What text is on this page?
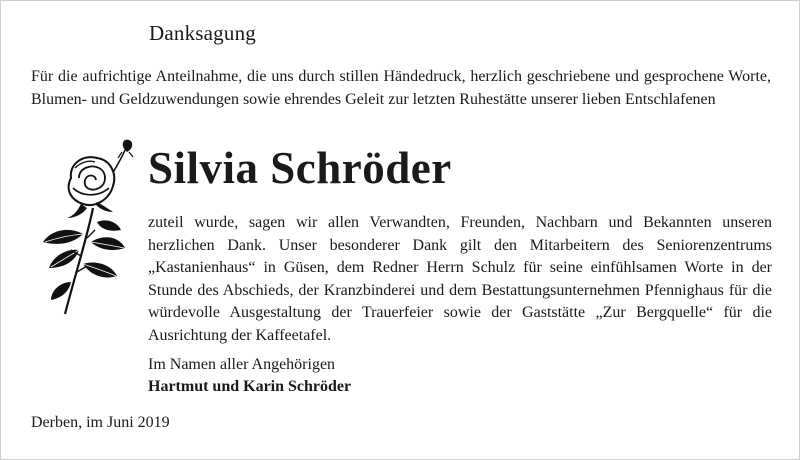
Danksagung
Für die aufrichtige Anteilnahme, die uns durch stillen Händedruck, herzlich geschriebene und gesprochene Worte, Blumen- und Geldzuwendungen sowie ehrendes Geleit zur letzten Ruhestätte unserer lieben Entschlafenen
Silvia Schröder
zuteil wurde, sagen wir allen Verwandten, Freunden, Nachbarn und Bekannten unseren herzlichen Dank. Unser besonderer Dank gilt den Mitarbeitern des Seniorenzentrums „Kastanienhaus“ in Güsen, dem Redner Herrn Schulz für seine einfühlsamen Worte in der Stunde des Abschieds, der Kranzbinderei und dem Bestattungsunternehmen Pfennighaus für die würdevolle Ausgestaltung der Trauerfeier sowie der Gaststätte „Zur Bergquelle“ für die Ausrichtung der Kaffeetafel.
Im Namen aller Angehörigen
Hartmut und Karin Schröder
Derben, im Juni 2019
